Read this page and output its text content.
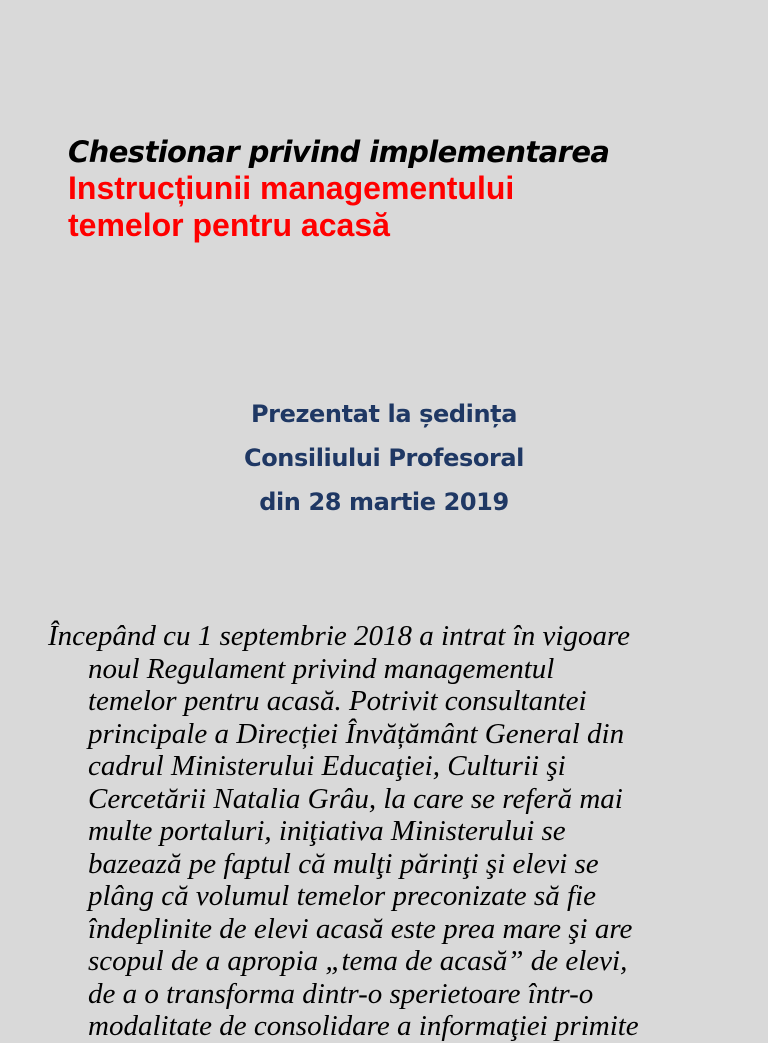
Chestionar privind implementarea
Instrucțiunii managementului
temelor pentru acasă
Prezentat la ședința
Consiliului Profesoral
din 28 martie 2019
Începând cu 1 septembrie 2018 a intrat în vigoare
noul Regulament privind managementul
temelor pentru acasă. Potrivit consultantei
principale a Direcției Învățământ General din
cadrul Ministerului Educaţiei, Culturii şi
Cercetării Natalia Grâu, la care se referă mai
multe portaluri, iniţiativa Ministerului se
bazează pe faptul că mulţi părinţi şi elevi se
plâng că volumul temelor preconizate să fie
îndeplinite de elevi acasă este prea mare şi are
scopul de a apropia „tema de acasă” de elevi,
de a o transforma dintr-o sperietoare într-o
modalitate de consolidare a informaţiei primite
